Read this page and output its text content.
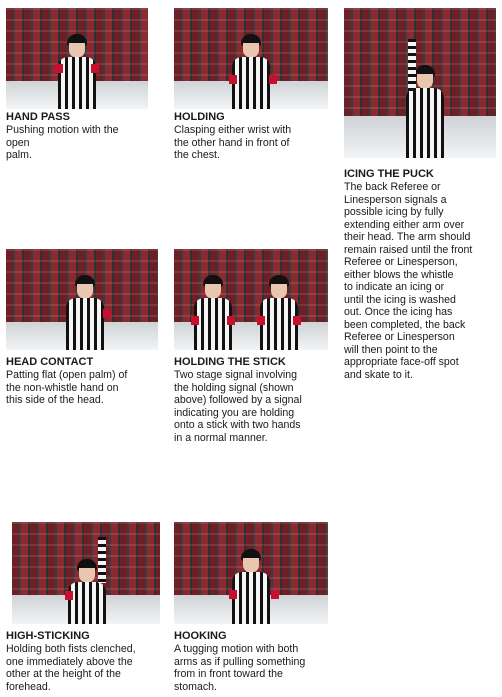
HAND PASS
Pushing motion with the
open
palm.
HOLDING
Clasping either wrist with
the other hand in front of
the chest.
ICING THE PUCK
The back Referee or
Linesperson signals a
possible icing by fully
extending either arm over
their head. The arm should
remain raised until the front
Referee or Linesperson,
either blows the whistle
to indicate an icing or
until the icing is washed
out. Once the icing has
been completed, the back
Referee or Linesperson
will then point to the
appropriate face-off spot
and skate to it.
HEAD CONTACT
Patting flat (open palm) of
the non-whistle hand on
this side of the head.
HOLDING THE STICK
Two stage signal involving
the holding signal (shown
above) followed by a signal
indicating you are holding
onto a stick with two hands
in a normal manner.
HIGH-STICKING
Holding both fists clenched,
one immediately above the
other at the height of the
forehead.
HOOKING
A tugging motion with both
arms as if pulling something
from in front toward the
stomach.
